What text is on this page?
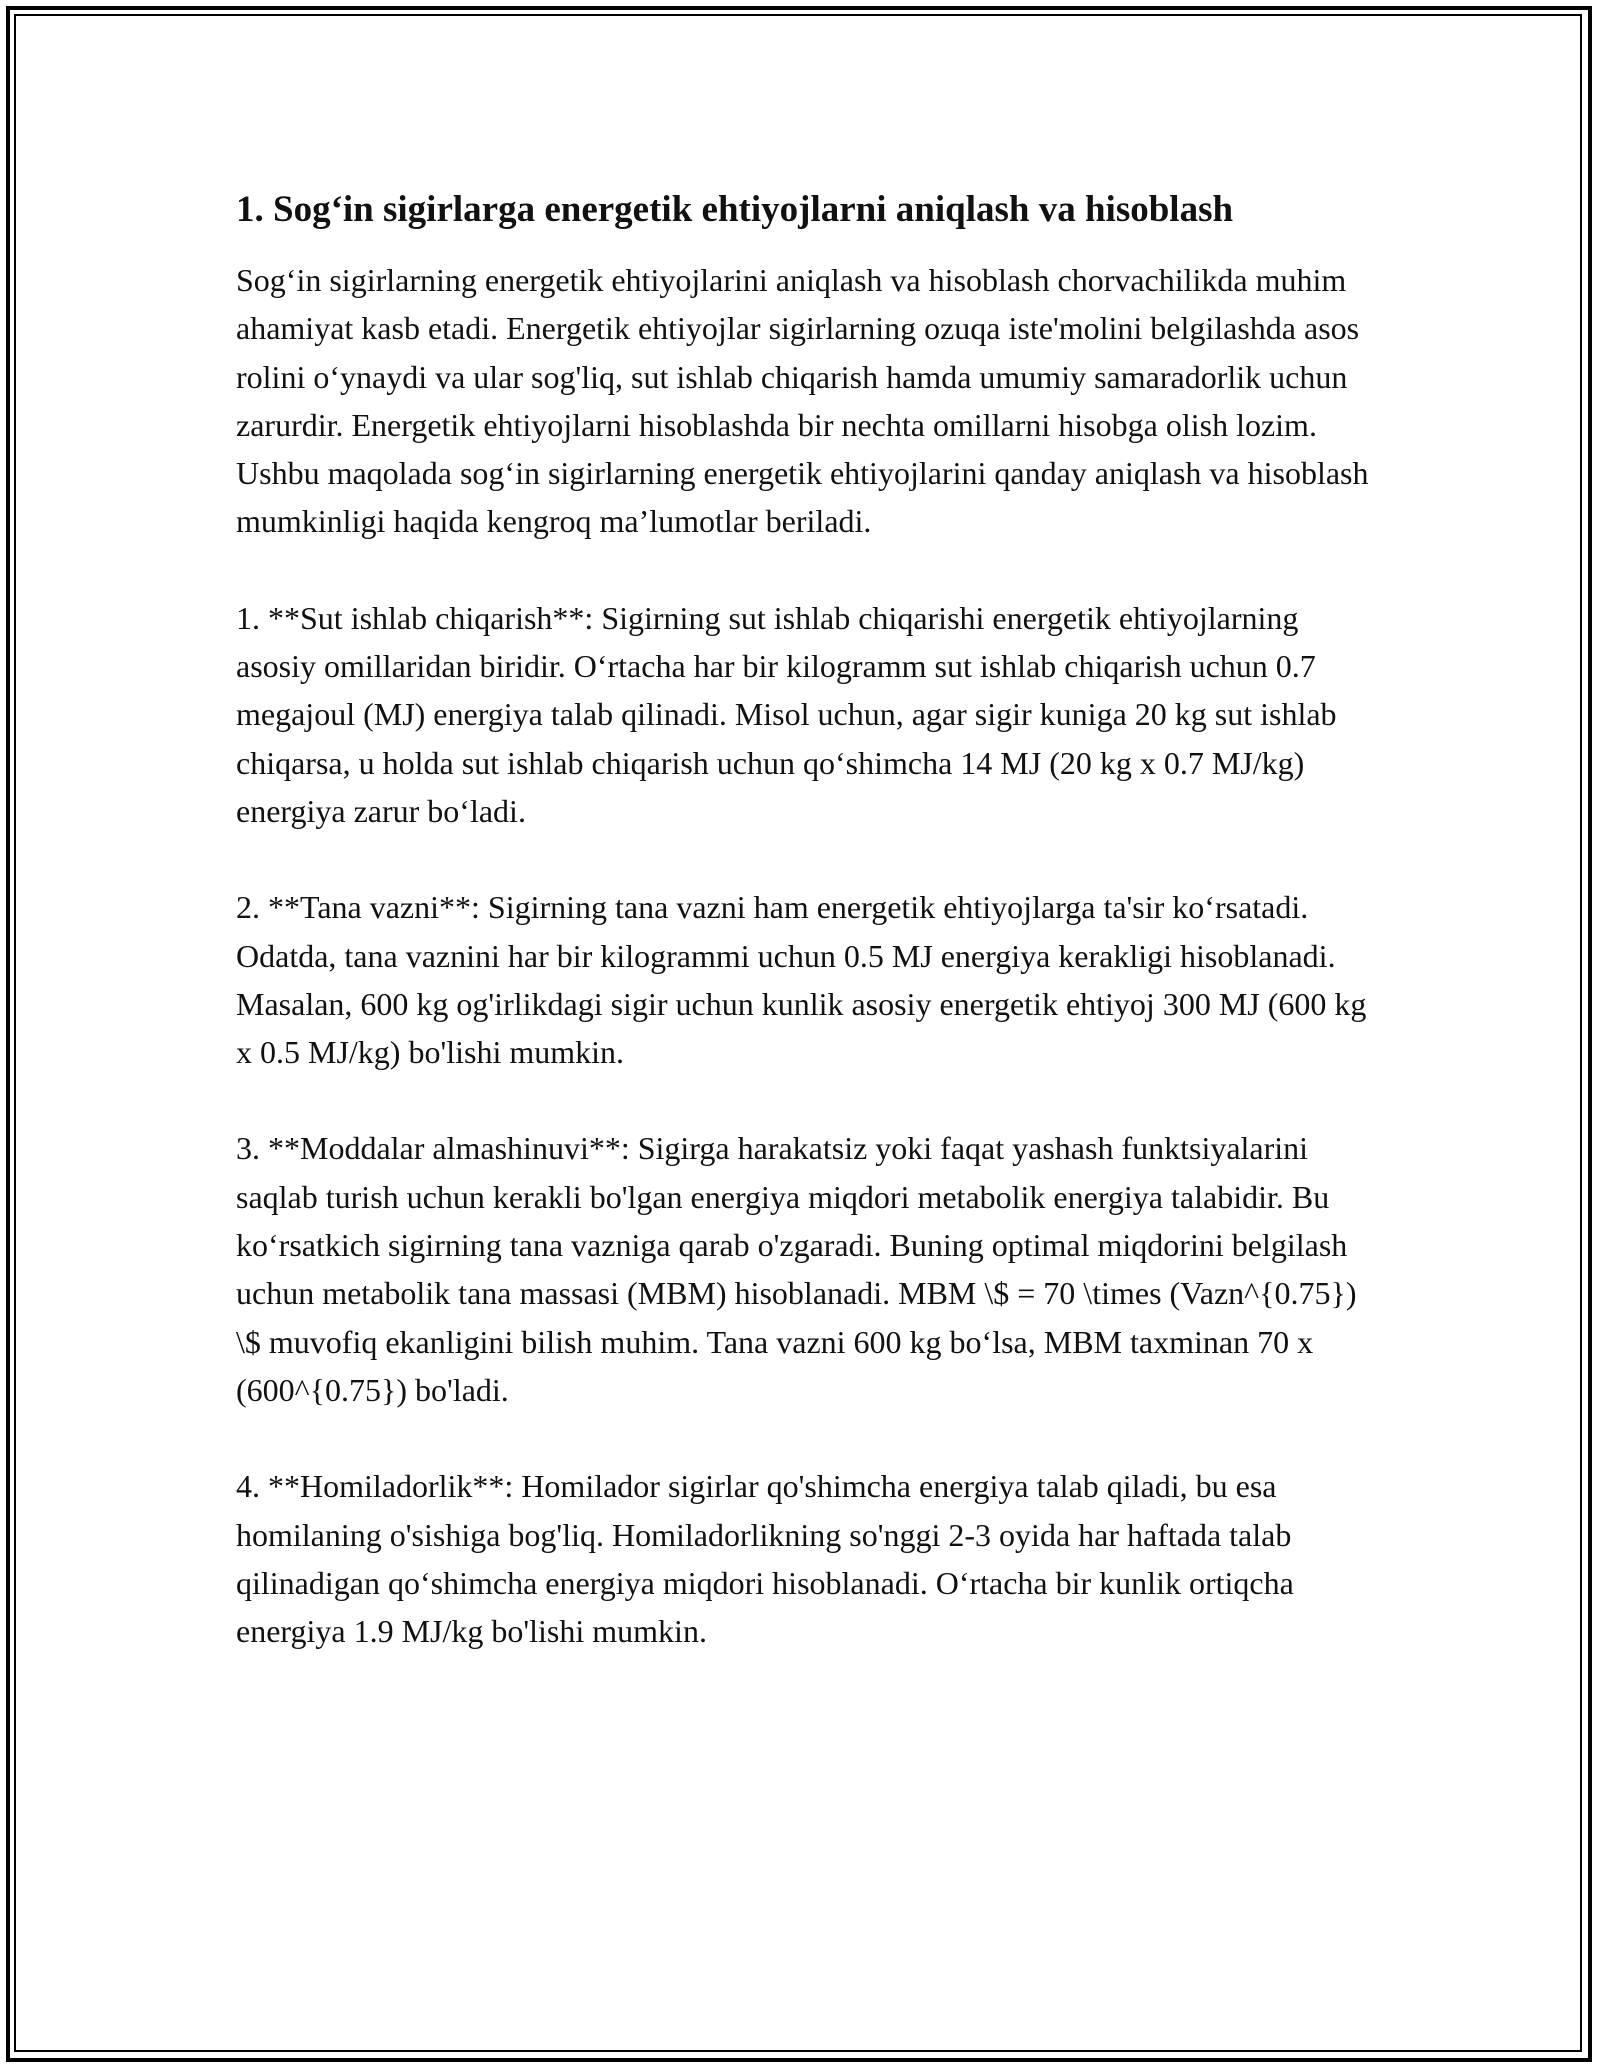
1. Sog‘in sigirlarga energetik ehtiyojlarni aniqlash va hisoblash

Sog‘in sigirlarning energetik ehtiyojlarini aniqlash va hisoblash chorvachilikda muhim ahamiyat kasb etadi. Energetik ehtiyojlar sigirlarning ozuqa iste'molini belgilashda asos rolini o‘ynaydi va ular sog'liq, sut ishlab chiqarish hamda umumiy samaradorlik uchun zarurdir. Energetik ehtiyojlarni hisoblashda bir nechta omillarni hisobga olish lozim. Ushbu maqolada sog‘in sigirlarning energetik ehtiyojlarini qanday aniqlash va hisoblash mumkinligi haqida kengroq ma’lumotlar beriladi.

1. **Sut ishlab chiqarish**: Sigirning sut ishlab chiqarishi energetik ehtiyojlarning asosiy omillaridan biridir. O‘rtacha har bir kilogramm sut ishlab chiqarish uchun 0.7 megajoul (MJ) energiya talab qilinadi. Misol uchun, agar sigir kuniga 20 kg sut ishlab chiqarsa, u holda sut ishlab chiqarish uchun qo‘shimcha 14 MJ (20 kg x 0.7 MJ/kg) energiya zarur bo‘ladi.

2. **Tana vazni**: Sigirning tana vazni ham energetik ehtiyojlarga ta'sir ko‘rsatadi. Odatda, tana vaznini har bir kilogrammi uchun 0.5 MJ energiya kerakligi hisoblanadi. Masalan, 600 kg og'irlikdagi sigir uchun kunlik asosiy energetik ehtiyoj 300 MJ (600 kg x 0.5 MJ/kg) bo'lishi mumkin.

3. **Moddalar almashinuvi**: Sigirga harakatsiz yoki faqat yashash funktsiyalarini saqlab turish uchun kerakli bo'lgan energiya miqdori metabolik energiya talabidir. Bu ko‘rsatkich sigirning tana vazniga qarab o'zgaradi. Buning optimal miqdorini belgilash uchun metabolik tana massasi (MBM) hisoblanadi. MBM \$ = 70 \times (Vazn^{0.75}) \$ muvofiq ekanligini bilish muhim. Tana vazni 600 kg bo‘lsa, MBM taxminan 70 x (600^{0.75}) bo'ladi.

4. **Homiladorlik**: Homilador sigirlar qo'shimcha energiya talab qiladi, bu esa homilaning o'sishiga bog'liq. Homiladorlikning so'nggi 2-3 oyida har haftada talab qilinadigan qo‘shimcha energiya miqdori hisoblanadi. O‘rtacha bir kunlik ortiqcha energiya 1.9 MJ/kg bo'lishi mumkin.
